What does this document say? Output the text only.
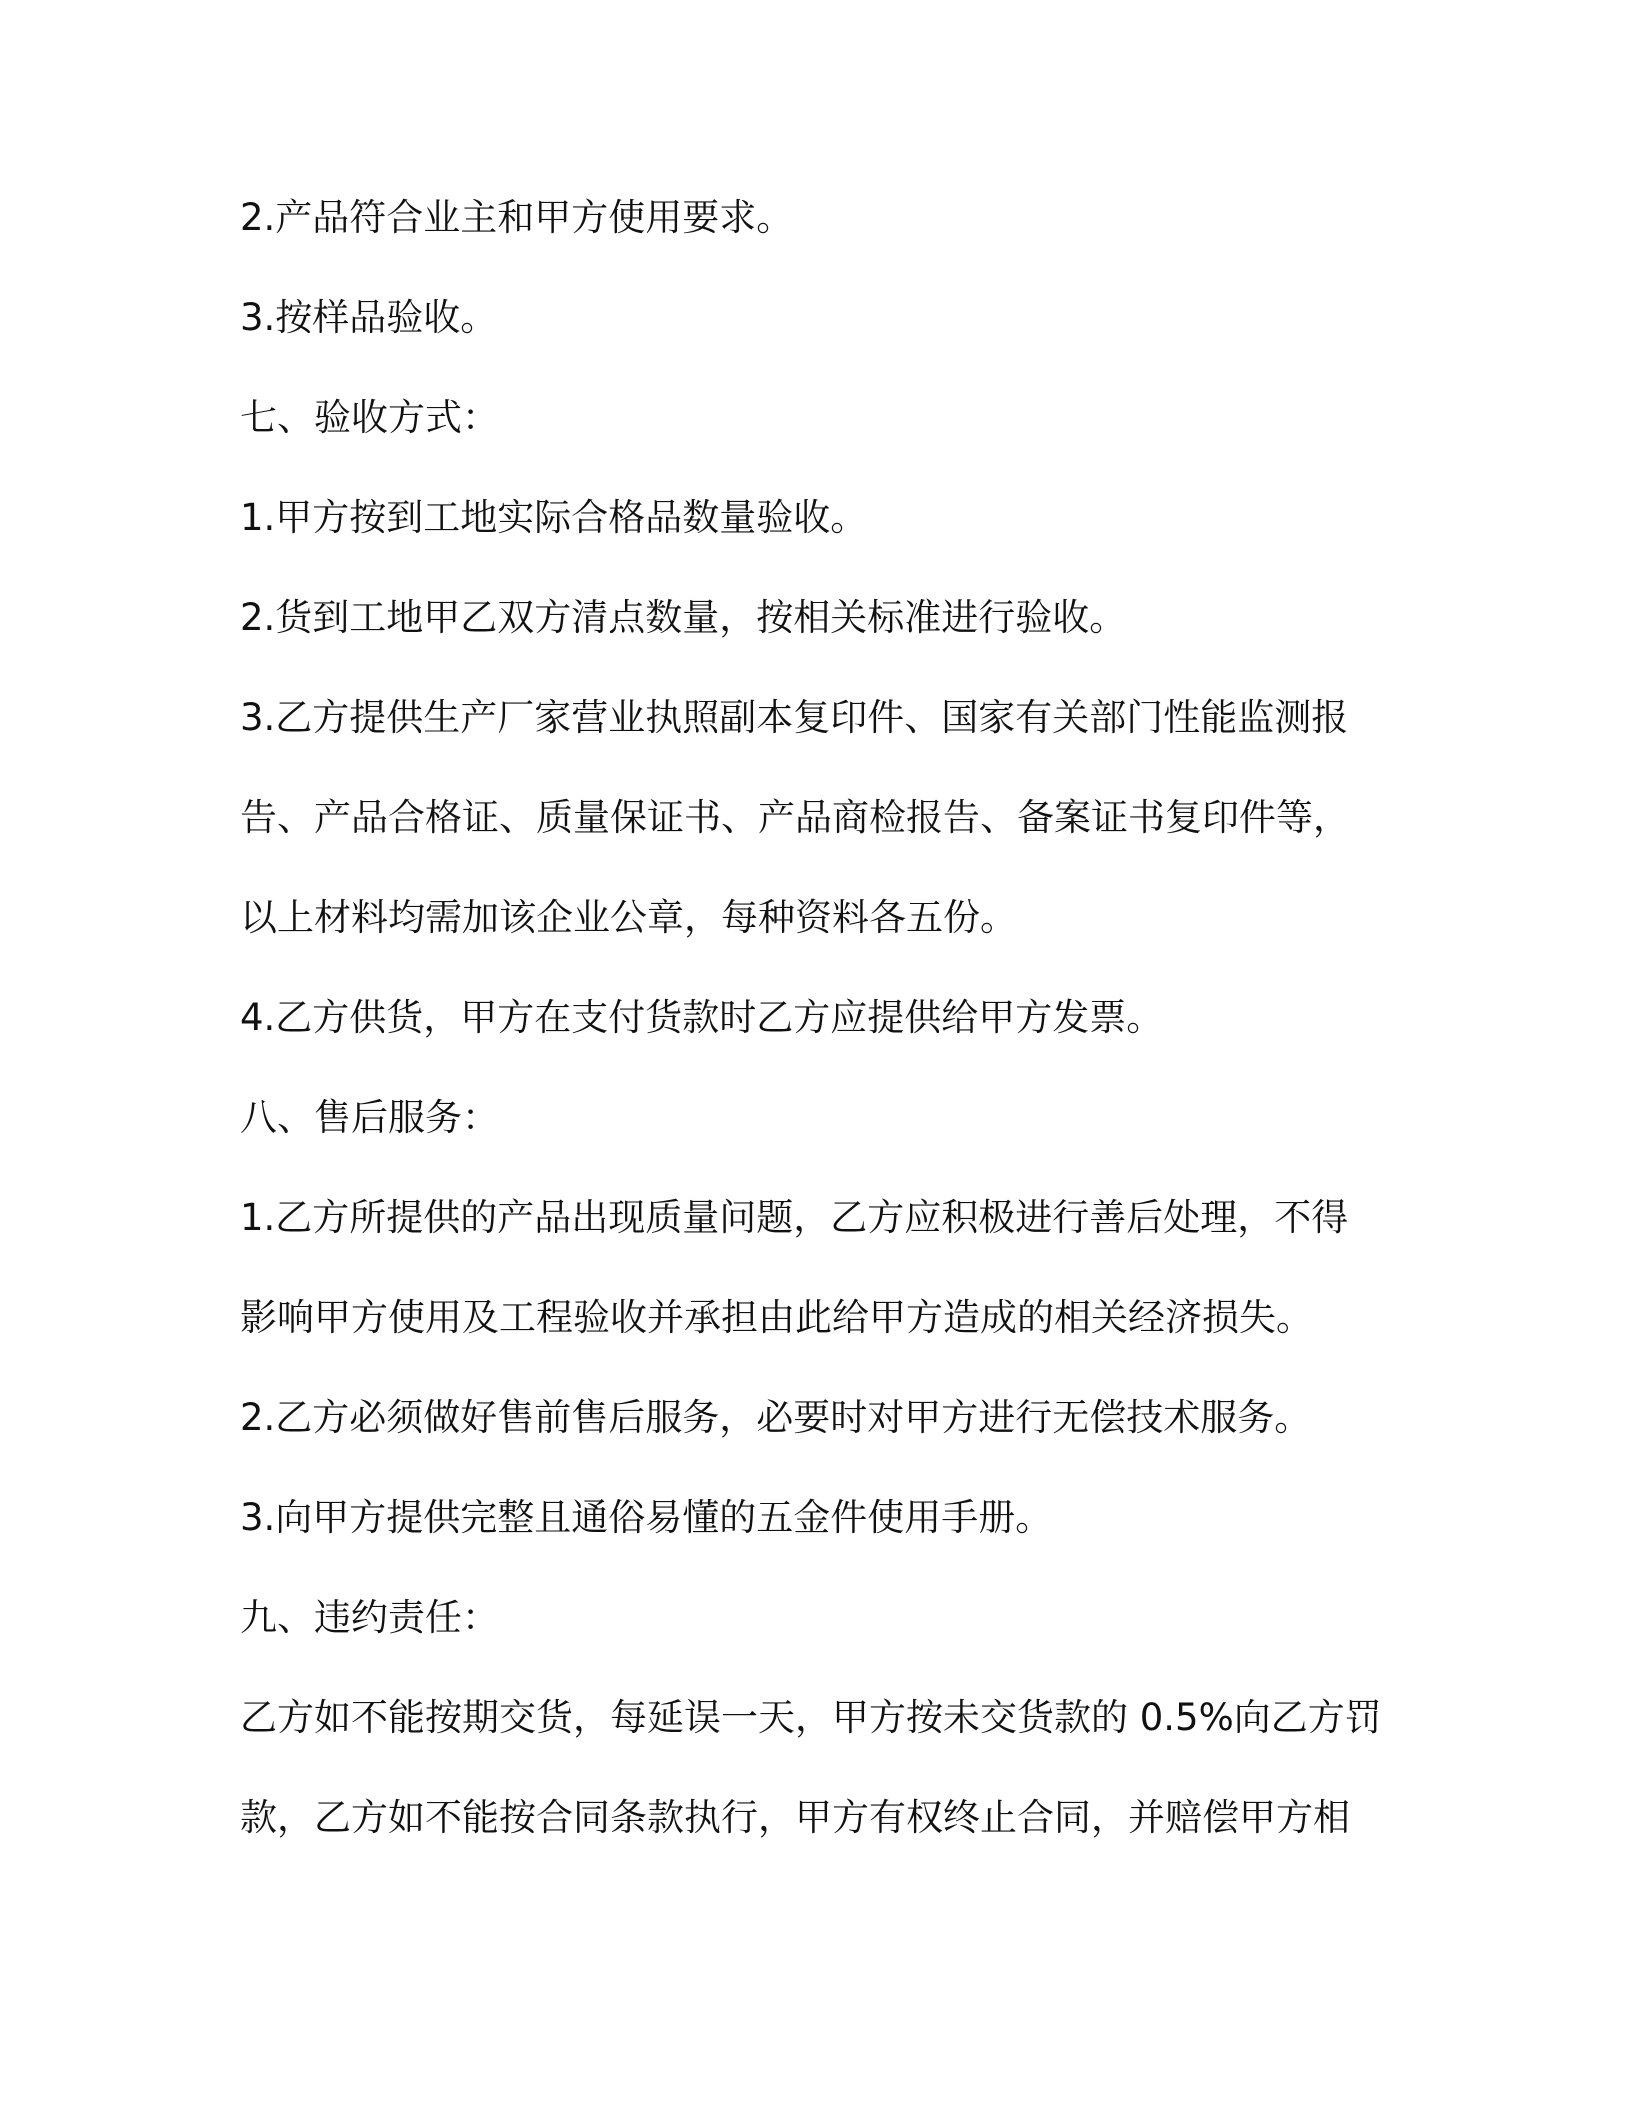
2.产品符合业主和甲方使用要求。

3.按样品验收。

七、验收方式：

1.甲方按到工地实际合格品数量验收。

2.货到工地甲乙双方清点数量，按相关标准进行验收。

3.乙方提供生产厂家营业执照副本复印件、国家有关部门性能监测报

告、产品合格证、质量保证书、产品商检报告、备案证书复印件等，

以上材料均需加该企业公章，每种资料各五份。

4.乙方供货，甲方在支付货款时乙方应提供给甲方发票。

八、售后服务：

1.乙方所提供的产品出现质量问题，乙方应积极进行善后处理，不得

影响甲方使用及工程验收并承担由此给甲方造成的相关经济损失。

2.乙方必须做好售前售后服务，必要时对甲方进行无偿技术服务。

3.向甲方提供完整且通俗易懂的五金件使用手册。

九、违约责任：

乙方如不能按期交货，每延误一天，甲方按未交货款的 0.5%向乙方罚

款，乙方如不能按合同条款执行，甲方有权终止合同，并赔偿甲方相
